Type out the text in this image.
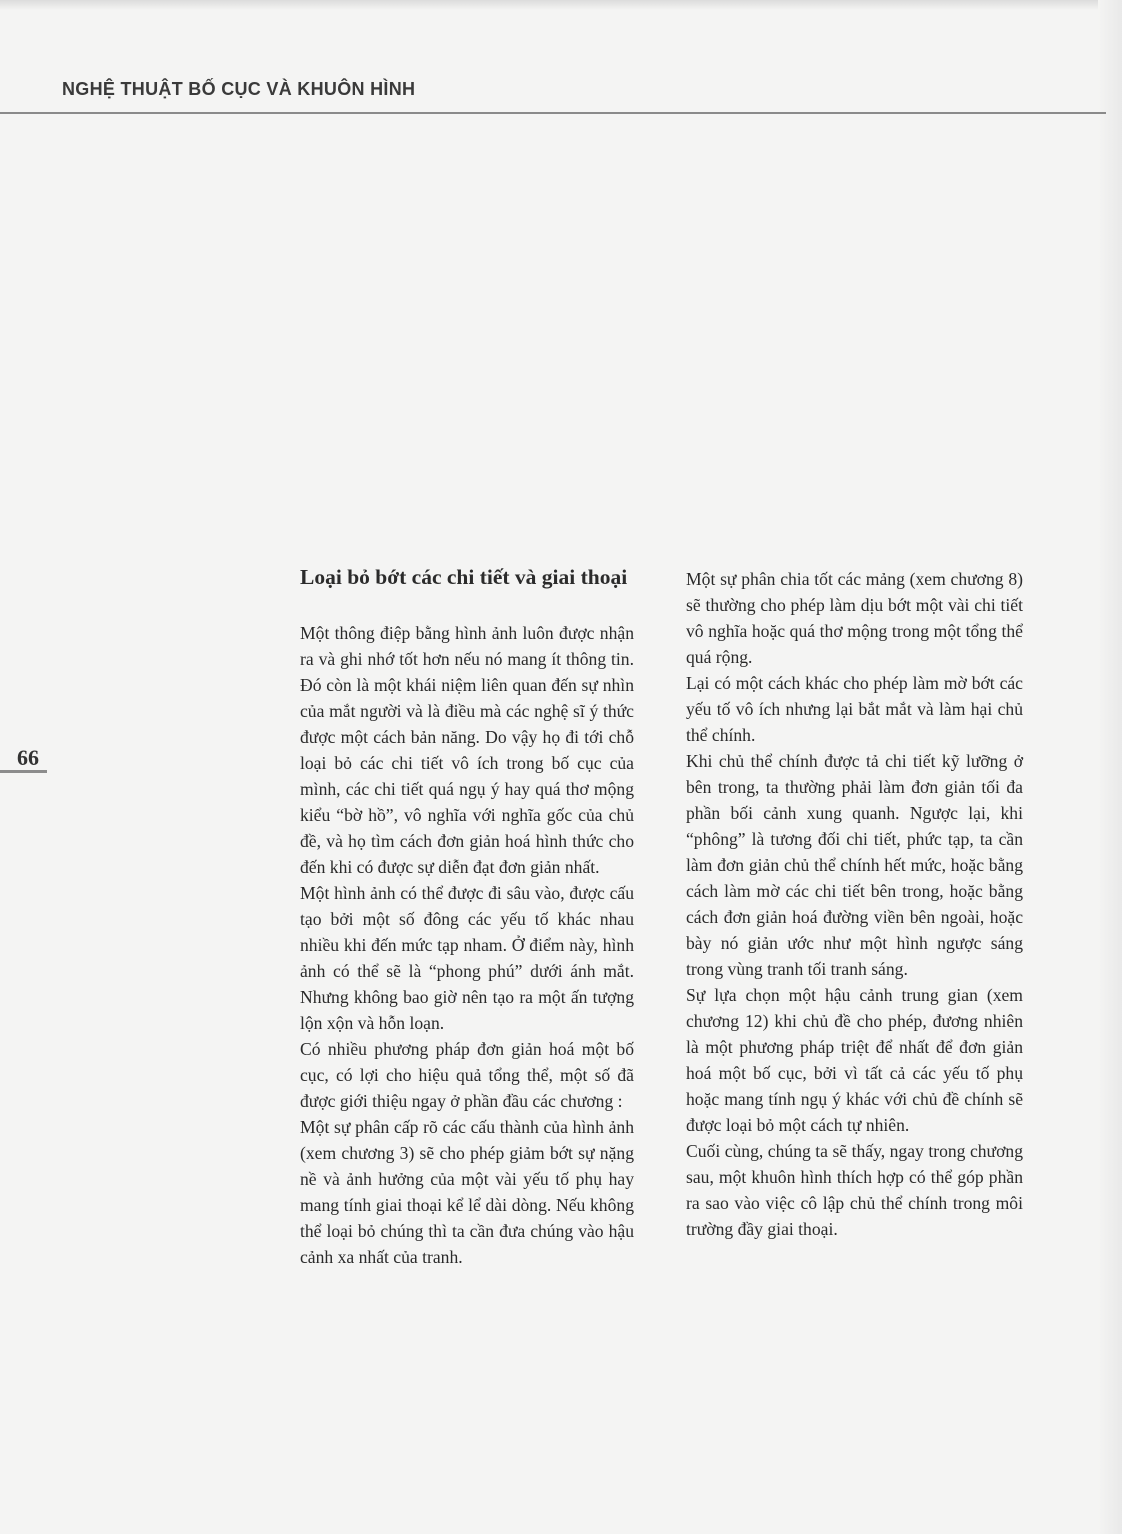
NGHỆ THUẬT BỐ CỤC VÀ KHUÔN HÌNH
66
Loại bỏ bớt các chi tiết và giai thoại

Một thông điệp bằng hình ảnh luôn được nhận ra và ghi nhớ tốt hơn nếu nó mang ít thông tin. Đó còn là một khái niệm liên quan đến sự nhìn của mắt người và là điều mà các nghệ sĩ ý thức được một cách bản năng. Do vậy họ đi tới chỗ loại bỏ các chi tiết vô ích trong bố cục của mình, các chi tiết quá ngụ ý hay quá thơ mộng kiểu “bờ hồ”, vô nghĩa với nghĩa gốc của chủ đề, và họ tìm cách đơn giản hoá hình thức cho đến khi có được sự diễn đạt đơn giản nhất.

Một hình ảnh có thể được đi sâu vào, được cấu tạo bởi một số đông các yếu tố khác nhau nhiều khi đến mức tạp nham. Ở điểm này, hình ảnh có thể sẽ là “phong phú” dưới ánh mắt. Nhưng không bao giờ nên tạo ra một ấn tượng lộn xộn và hỗn loạn.

Có nhiều phương pháp đơn giản hoá một bố cục, có lợi cho hiệu quả tổng thể, một số đã được giới thiệu ngay ở phần đầu các chương :

Một sự phân cấp rõ các cấu thành của hình ảnh (xem chương 3) sẽ cho phép giảm bớt sự nặng nề và ảnh hưởng của một vài yếu tố phụ hay mang tính giai thoại kể lể dài dòng. Nếu không thể loại bỏ chúng thì ta cần đưa chúng vào hậu cảnh xa nhất của tranh.

Một sự phân chia tốt các mảng (xem chương 8) sẽ thường cho phép làm dịu bớt một vài chi tiết vô nghĩa hoặc quá thơ mộng trong một tổng thể quá rộng.

Lại có một cách khác cho phép làm mờ bớt các yếu tố vô ích nhưng lại bắt mắt và làm hại chủ thể chính.

Khi chủ thể chính được tả chi tiết kỹ lưỡng ở bên trong, ta thường phải làm đơn giản tối đa phần bối cảnh xung quanh. Ngược lại, khi “phông” là tương đối chi tiết, phức tạp, ta cần làm đơn giản chủ thể chính hết mức, hoặc bằng cách làm mờ các chi tiết bên trong, hoặc bằng cách đơn giản hoá đường viền bên ngoài, hoặc bày nó giản ước như một hình ngược sáng trong vùng tranh tối tranh sáng.

Sự lựa chọn một hậu cảnh trung gian (xem chương 12) khi chủ đề cho phép, đương nhiên là một phương pháp triệt để nhất để đơn giản hoá một bố cục, bởi vì tất cả các yếu tố phụ hoặc mang tính ngụ ý khác với chủ đề chính sẽ được loại bỏ một cách tự nhiên.

Cuối cùng, chúng ta sẽ thấy, ngay trong chương sau, một khuôn hình thích hợp có thể góp phần ra sao vào việc cô lập chủ thể chính trong môi trường đầy giai thoại.
